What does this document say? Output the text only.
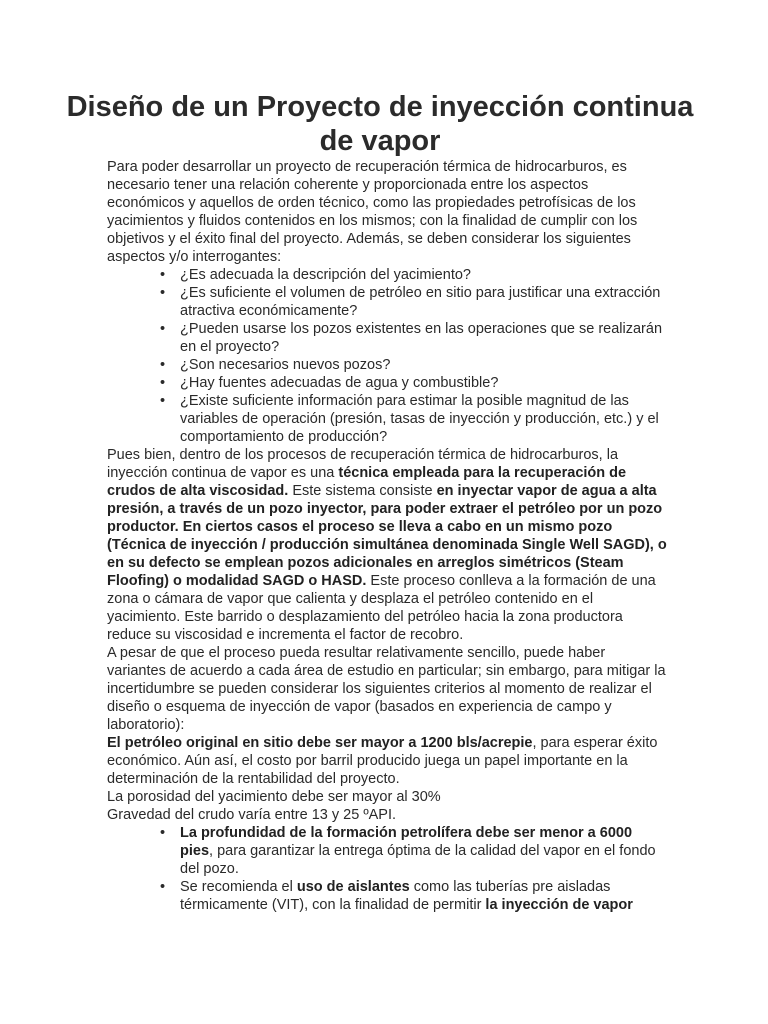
Diseño de un Proyecto de inyección continua de vapor

Para poder desarrollar un proyecto de recuperación térmica de hidrocarburos, es necesario tener una relación coherente y proporcionada entre los aspectos económicos y aquellos de orden técnico, como las propiedades petrofísicas de los yacimientos y fluidos contenidos en los mismos; con la finalidad de cumplir con los objetivos y el éxito final del proyecto. Además, se deben considerar los siguientes aspectos y/o interrogantes:

• ¿Es adecuada la descripción del yacimiento?
• ¿Es suficiente el volumen de petróleo en sitio para justificar una extracción atractiva económicamente?
• ¿Pueden usarse los pozos existentes en las operaciones que se realizarán en el proyecto?
• ¿Son necesarios nuevos pozos?
• ¿Hay fuentes adecuadas de agua y combustible?
• ¿Existe suficiente información para estimar la posible magnitud de las variables de operación (presión, tasas de inyección y producción, etc.) y el comportamiento de producción?

Pues bien, dentro de los procesos de recuperación térmica de hidrocarburos, la inyección continua de vapor es una técnica empleada para la recuperación de crudos de alta viscosidad. Este sistema consiste en inyectar vapor de agua a alta presión, a través de un pozo inyector, para poder extraer el petróleo por un pozo productor. En ciertos casos el proceso se lleva a cabo en un mismo pozo (Técnica de inyección / producción simultánea denominada Single Well SAGD), o en su defecto se emplean pozos adicionales en arreglos simétricos (Steam Floofing) o modalidad SAGD o HASD. Este proceso conlleva a la formación de una zona o cámara de vapor que calienta y desplaza el petróleo contenido en el yacimiento. Este barrido o desplazamiento del petróleo hacia la zona productora reduce su viscosidad e incrementa el factor de recobro.

A pesar de que el proceso pueda resultar relativamente sencillo, puede haber variantes de acuerdo a cada área de estudio en particular; sin embargo, para mitigar la incertidumbre se pueden considerar los siguientes criterios al momento de realizar el diseño o esquema de inyección de vapor (basados en experiencia de campo y laboratorio):

El petróleo original en sitio debe ser mayor a 1200 bls/acrepie, para esperar éxito económico. Aún así, el costo por barril producido juega un papel importante en la determinación de la rentabilidad del proyecto.

La porosidad del yacimiento debe ser mayor al 30%

Gravedad del crudo varía entre 13 y 25 ºAPI.

• La profundidad de la formación petrolífera debe ser menor a 6000 pies, para garantizar la entrega óptima de la calidad del vapor en el fondo del pozo.
• Se recomienda el uso de aislantes como las tuberías pre aisladas térmicamente (VIT), con la finalidad de permitir la inyección de vapor
